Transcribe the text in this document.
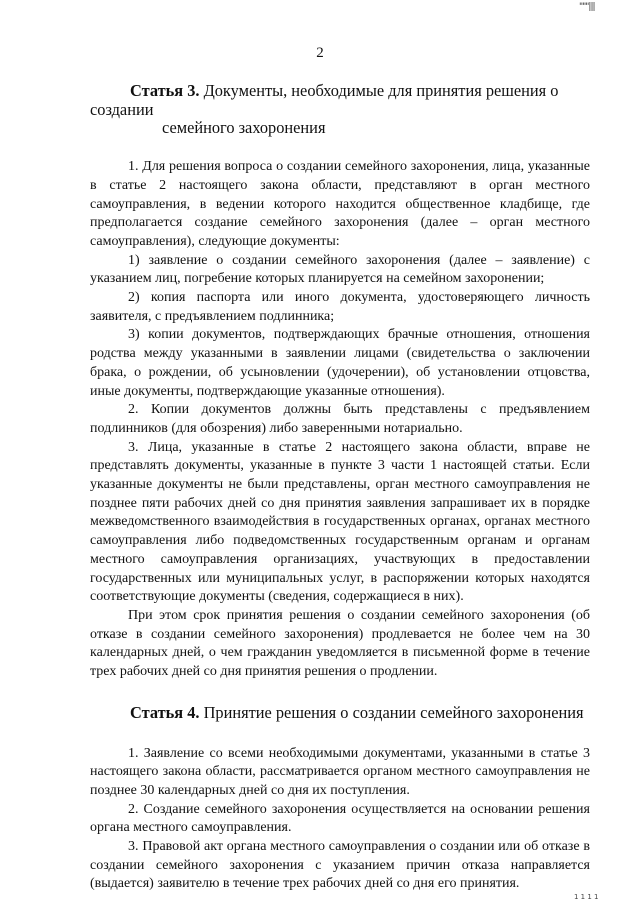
"""|||
2
Статья 3. Документы, необходимые для принятия решения о создании
семейного захоронения

1. Для решения вопроса о создании семейного захоронения, лица, указанные в статье 2 настоящего закона области, представляют в орган местного самоуправления, в ведении которого находится общественное кладбище, где предполагается создание семейного захоронения (далее – орган местного самоуправления), следующие документы:

1) заявление о создании семейного захоронения (далее – заявление) с указанием лиц, погребение которых планируется на семейном захоронении;

2) копия паспорта или иного документа, удостоверяющего личность заявителя, с предъявлением подлинника;

3) копии документов, подтверждающих брачные отношения, отношения родства между указанными в заявлении лицами (свидетельства о заключении брака, о рождении, об усыновлении (удочерении), об установлении отцовства, иные документы, подтверждающие указанные отношения).

2. Копии документов должны быть представлены с предъявлением подлинников (для обозрения) либо заверенными нотариально.

3. Лица, указанные в статье 2 настоящего закона области, вправе не представлять документы, указанные в пункте 3 части 1 настоящей статьи. Если указанные документы не были представлены, орган местного самоуправления не позднее пяти рабочих дней со дня принятия заявления запрашивает их в порядке межведомственного взаимодействия в государственных органах, органах местного самоуправления либо подведомственных государственным органам и органам местного самоуправления организациях, участвующих в предоставлении государственных или муниципальных услуг, в распоряжении которых находятся соответствующие документы (сведения, содержащиеся в них).

При этом срок принятия решения о создании семейного захоронения (об отказе в создании семейного захоронения) продлевается не более чем на 30 календарных дней, о чем гражданин уведомляется в письменной форме в течение трех рабочих дней со дня принятия решения о продлении.

Статья 4. Принятие решения о создании семейного захоронения

1. Заявление со всеми необходимыми документами, указанными в статье 3 настоящего закона области, рассматривается органом местного самоуправления не позднее 30 календарных дней со дня их поступления.

2. Создание семейного захоронения осуществляется на основании решения органа местного самоуправления.

3. Правовой акт органа местного самоуправления о создании или об отказе в создании семейного захоронения с указанием причин отказа направляется (выдается) заявителю в течение трех рабочих дней со дня его принятия.

1 1 1 1
